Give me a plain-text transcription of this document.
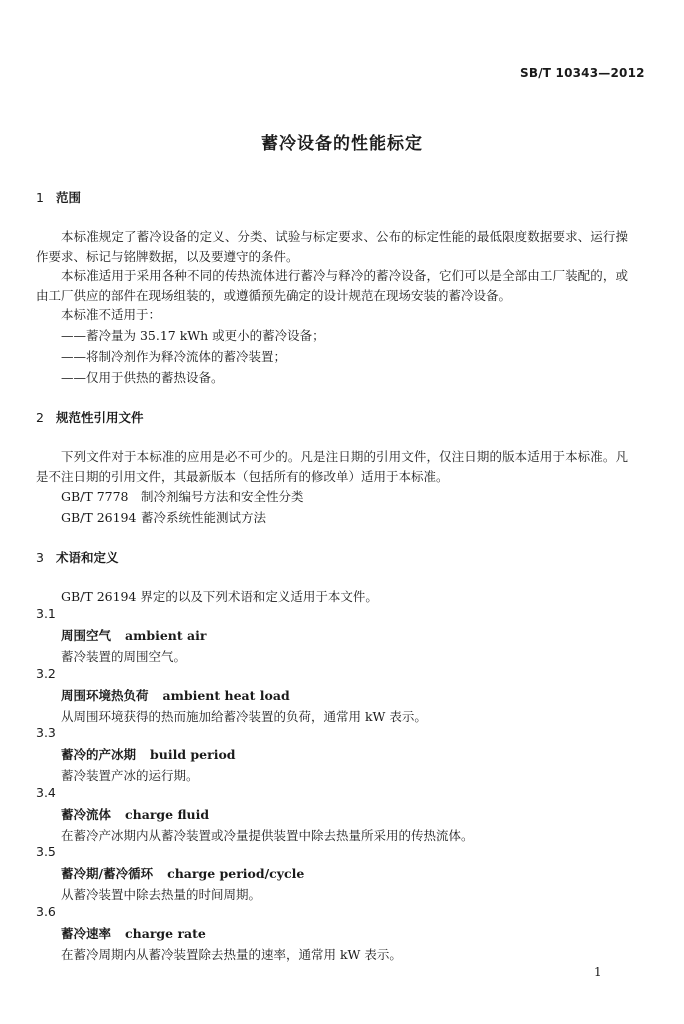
SB/T 10343—2012
蓄冷设备的性能标定
1 范围
本标准规定了蓄冷设备的定义、分类、试验与标定要求、公布的标定性能的最低限度数据要求、运行操作要求、标记与铭牌数据，以及要遵守的条件。
本标准适用于采用各种不同的传热流体进行蓄冷与释冷的蓄冷设备，它们可以是全部由工厂装配的，或由工厂供应的部件在现场组装的，或遵循预先确定的设计规范在现场安装的蓄冷设备。
本标准不适用于：
——蓄冷量为 35.17 kWh 或更小的蓄冷设备；
——将制冷剂作为释冷流体的蓄冷装置；
——仅用于供热的蓄热设备。
2 规范性引用文件
下列文件对于本标准的应用是必不可少的。凡是注日期的引用文件，仅注日期的版本适用于本标准。凡是不注日期的引用文件，其最新版本（包括所有的修改单）适用于本标准。
GB/T 7778 制冷剂编号方法和安全性分类
GB/T 26194 蓄冷系统性能测试方法
3 术语和定义
GB/T 26194 界定的以及下列术语和定义适用于本文件。
3.1
周围空气 ambient air
蓄冷装置的周围空气。
3.2
周围环境热负荷 ambient heat load
从周围环境获得的热而施加给蓄冷装置的负荷，通常用 kW 表示。
3.3
蓄冷的产冰期 build period
蓄冷装置产冰的运行期。
3.4
蓄冷流体 charge fluid
在蓄冷产冰期内从蓄冷装置或冷量提供装置中除去热量所采用的传热流体。
3.5
蓄冷期/蓄冷循环 charge period/cycle
从蓄冷装置中除去热量的时间周期。
3.6
蓄冷速率 charge rate
在蓄冷周期内从蓄冷装置除去热量的速率，通常用 kW 表示。
1
